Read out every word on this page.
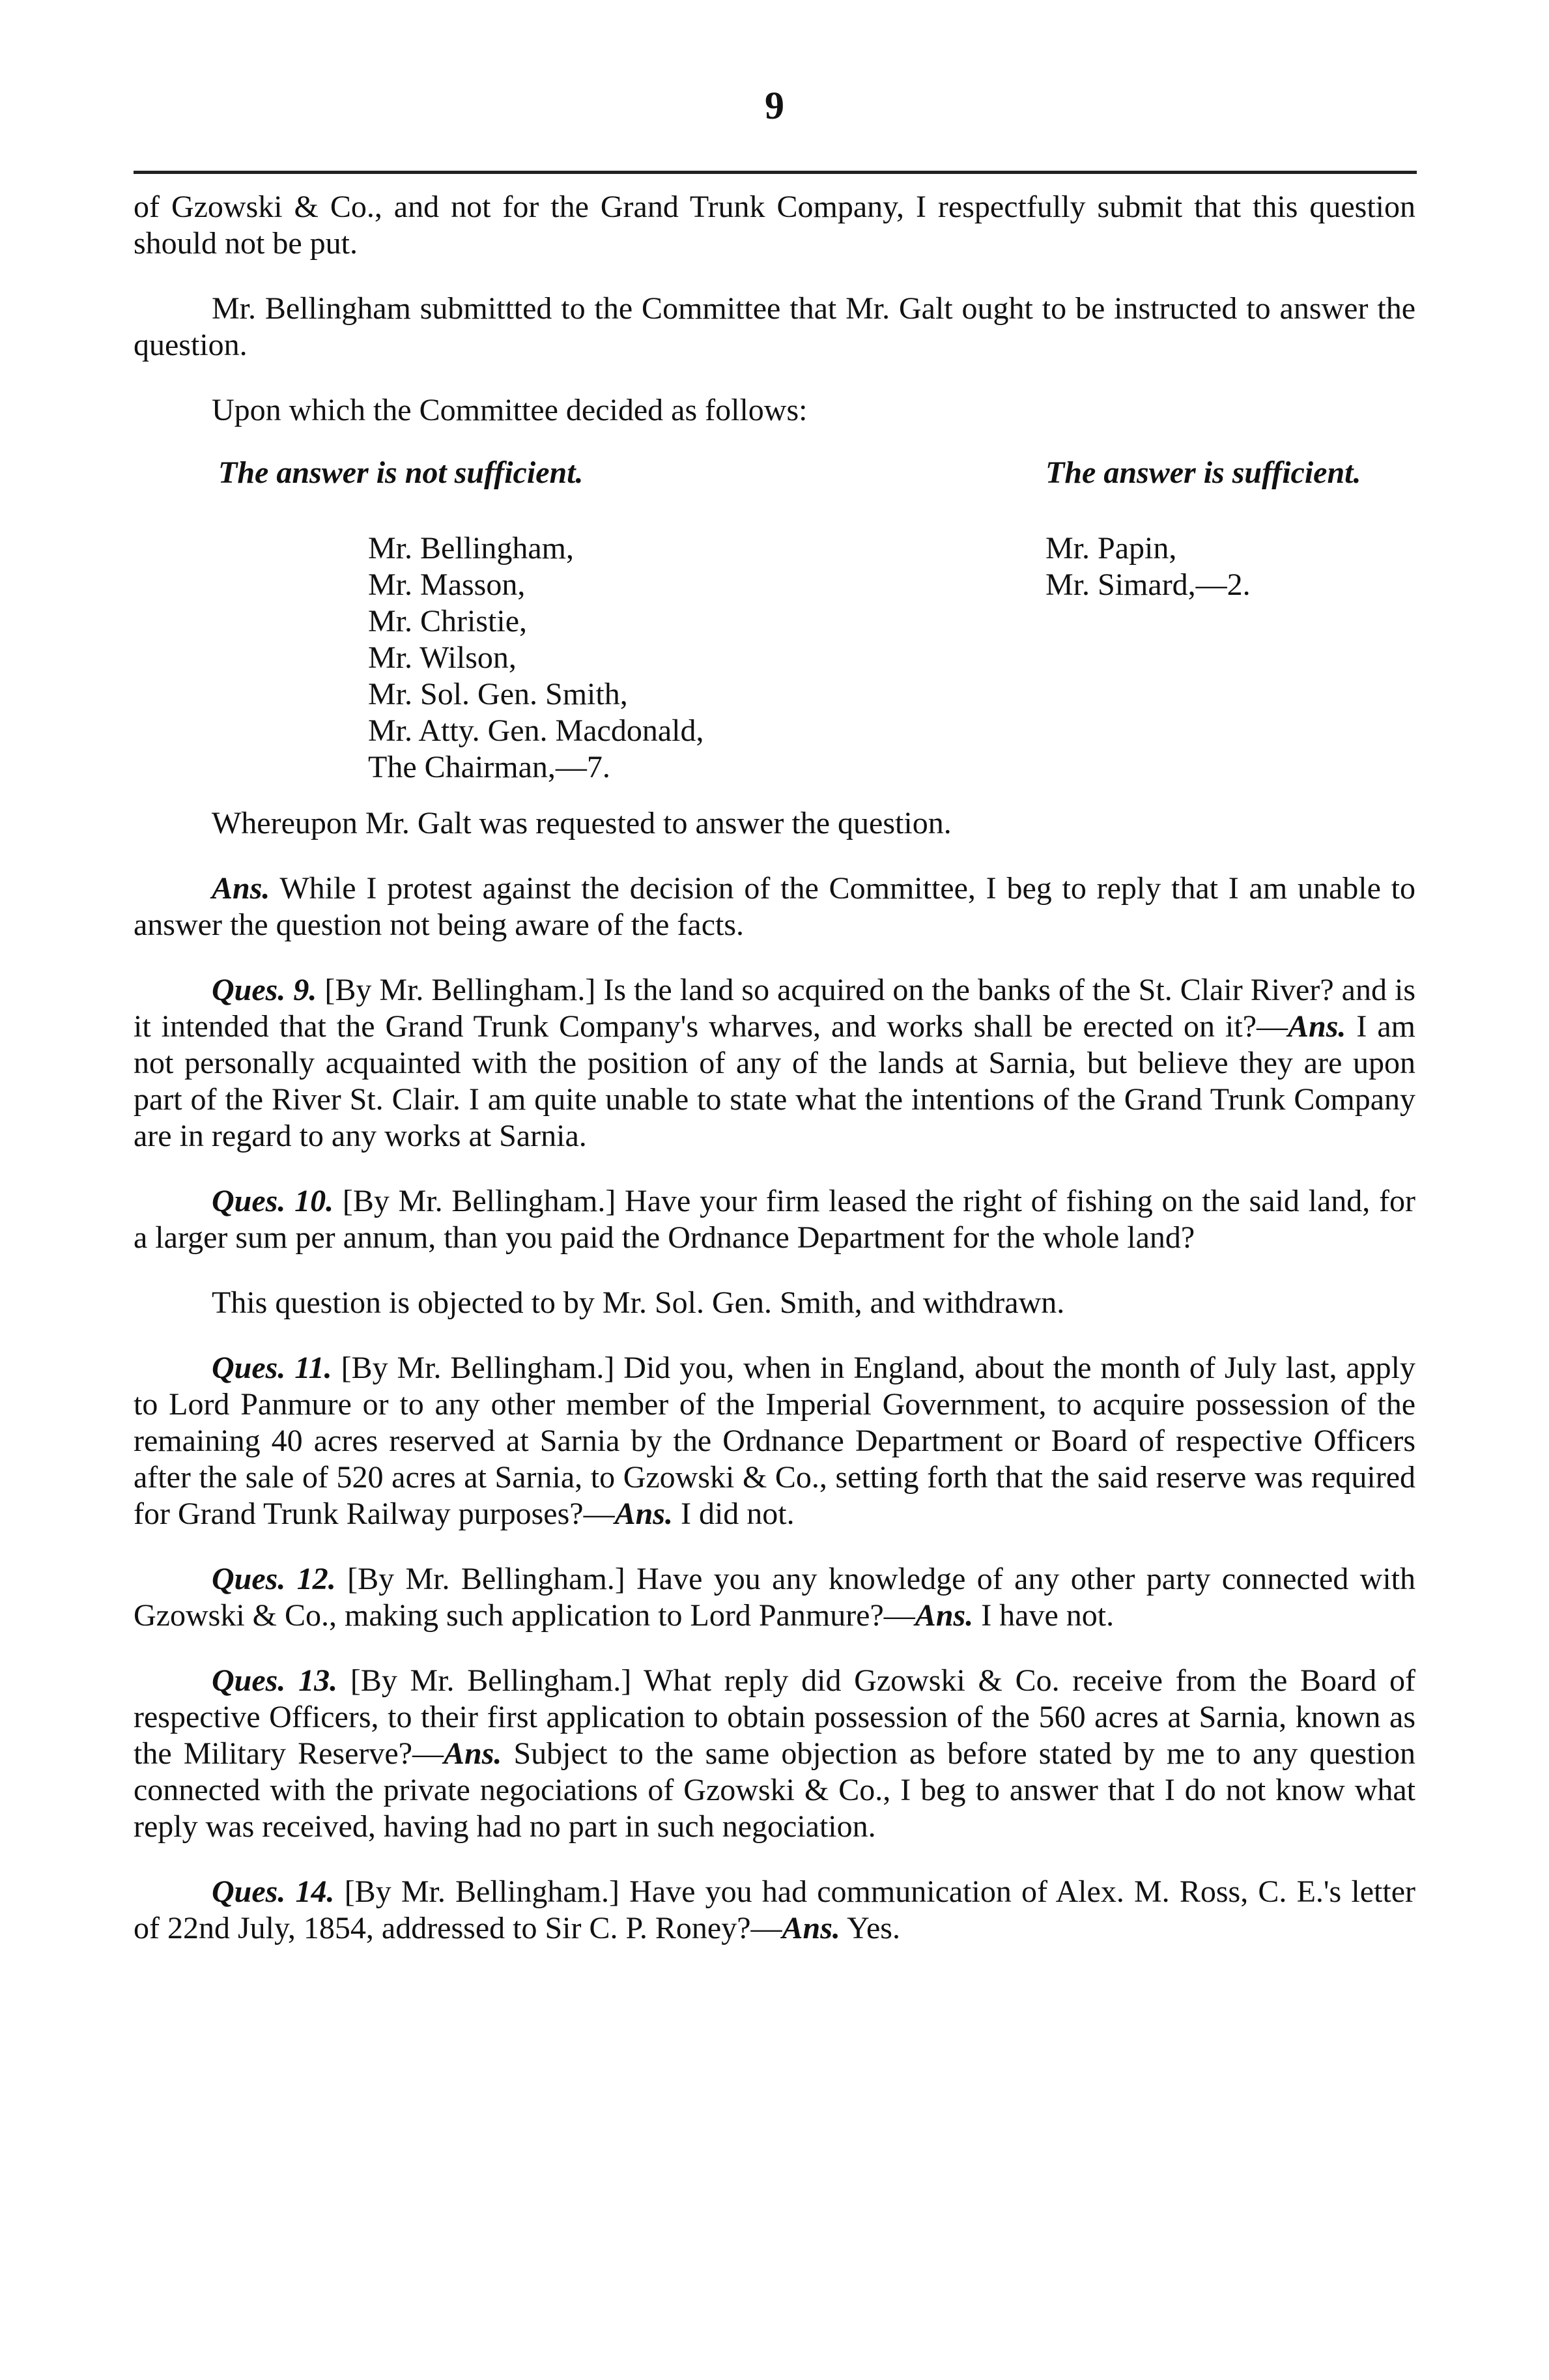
9

of Gzowski & Co., and not for the Grand Trunk Company, I respectfully submit that this question should not be put.

Mr. Bellingham submittted to the Committee that Mr. Galt ought to be instructed to answer the question.

Upon which the Committee decided as follows:

The answer is not sufficient.
Mr. Bellingham,
Mr. Masson,
Mr. Christie,
Mr. Wilson,
Mr. Sol. Gen. Smith,
Mr. Atty. Gen. Macdonald,
The Chairman,—7.
The answer is sufficient.
Mr. Papin,
Mr. Simard,—2.

Whereupon Mr. Galt was requested to answer the question.

Ans. While I protest against the decision of the Committee, I beg to reply that I am unable to answer the question not being aware of the facts.

Ques. 9. [By Mr. Bellingham.] Is the land so acquired on the banks of the St. Clair River? and is it intended that the Grand Trunk Company's wharves, and works shall be erected on it?—Ans. I am not personally acquainted with the position of any of the lands at Sarnia, but believe they are upon part of the River St. Clair. I am quite unable to state what the intentions of the Grand Trunk Company are in regard to any works at Sarnia.

Ques. 10. [By Mr. Bellingham.] Have your firm leased the right of fishing on the said land, for a larger sum per annum, than you paid the Ordnance Department for the whole land?

This question is objected to by Mr. Sol. Gen. Smith, and withdrawn.

Ques. 11. [By Mr. Bellingham.] Did you, when in England, about the month of July last, apply to Lord Panmure or to any other member of the Imperial Government, to acquire possession of the remaining 40 acres reserved at Sarnia by the Ordnance Department or Board of respective Officers after the sale of 520 acres at Sarnia, to Gzowski & Co., setting forth that the said reserve was required for Grand Trunk Railway purposes?—Ans. I did not.

Ques. 12. [By Mr. Bellingham.] Have you any knowledge of any other party connected with Gzowski & Co., making such application to Lord Panmure?—Ans. I have not.

Ques. 13. [By Mr. Bellingham.] What reply did Gzowski & Co. receive from the Board of respective Officers, to their first application to obtain possession of the 560 acres at Sarnia, known as the Military Reserve?—Ans. Subject to the same objection as before stated by me to any question connected with the private negociations of Gzowski & Co., I beg to answer that I do not know what reply was received, having had no part in such negociation.

Ques. 14. [By Mr. Bellingham.] Have you had communication of Alex. M. Ross, C. E.'s letter of 22nd July, 1854, addressed to Sir C. P. Roney?—Ans. Yes.
